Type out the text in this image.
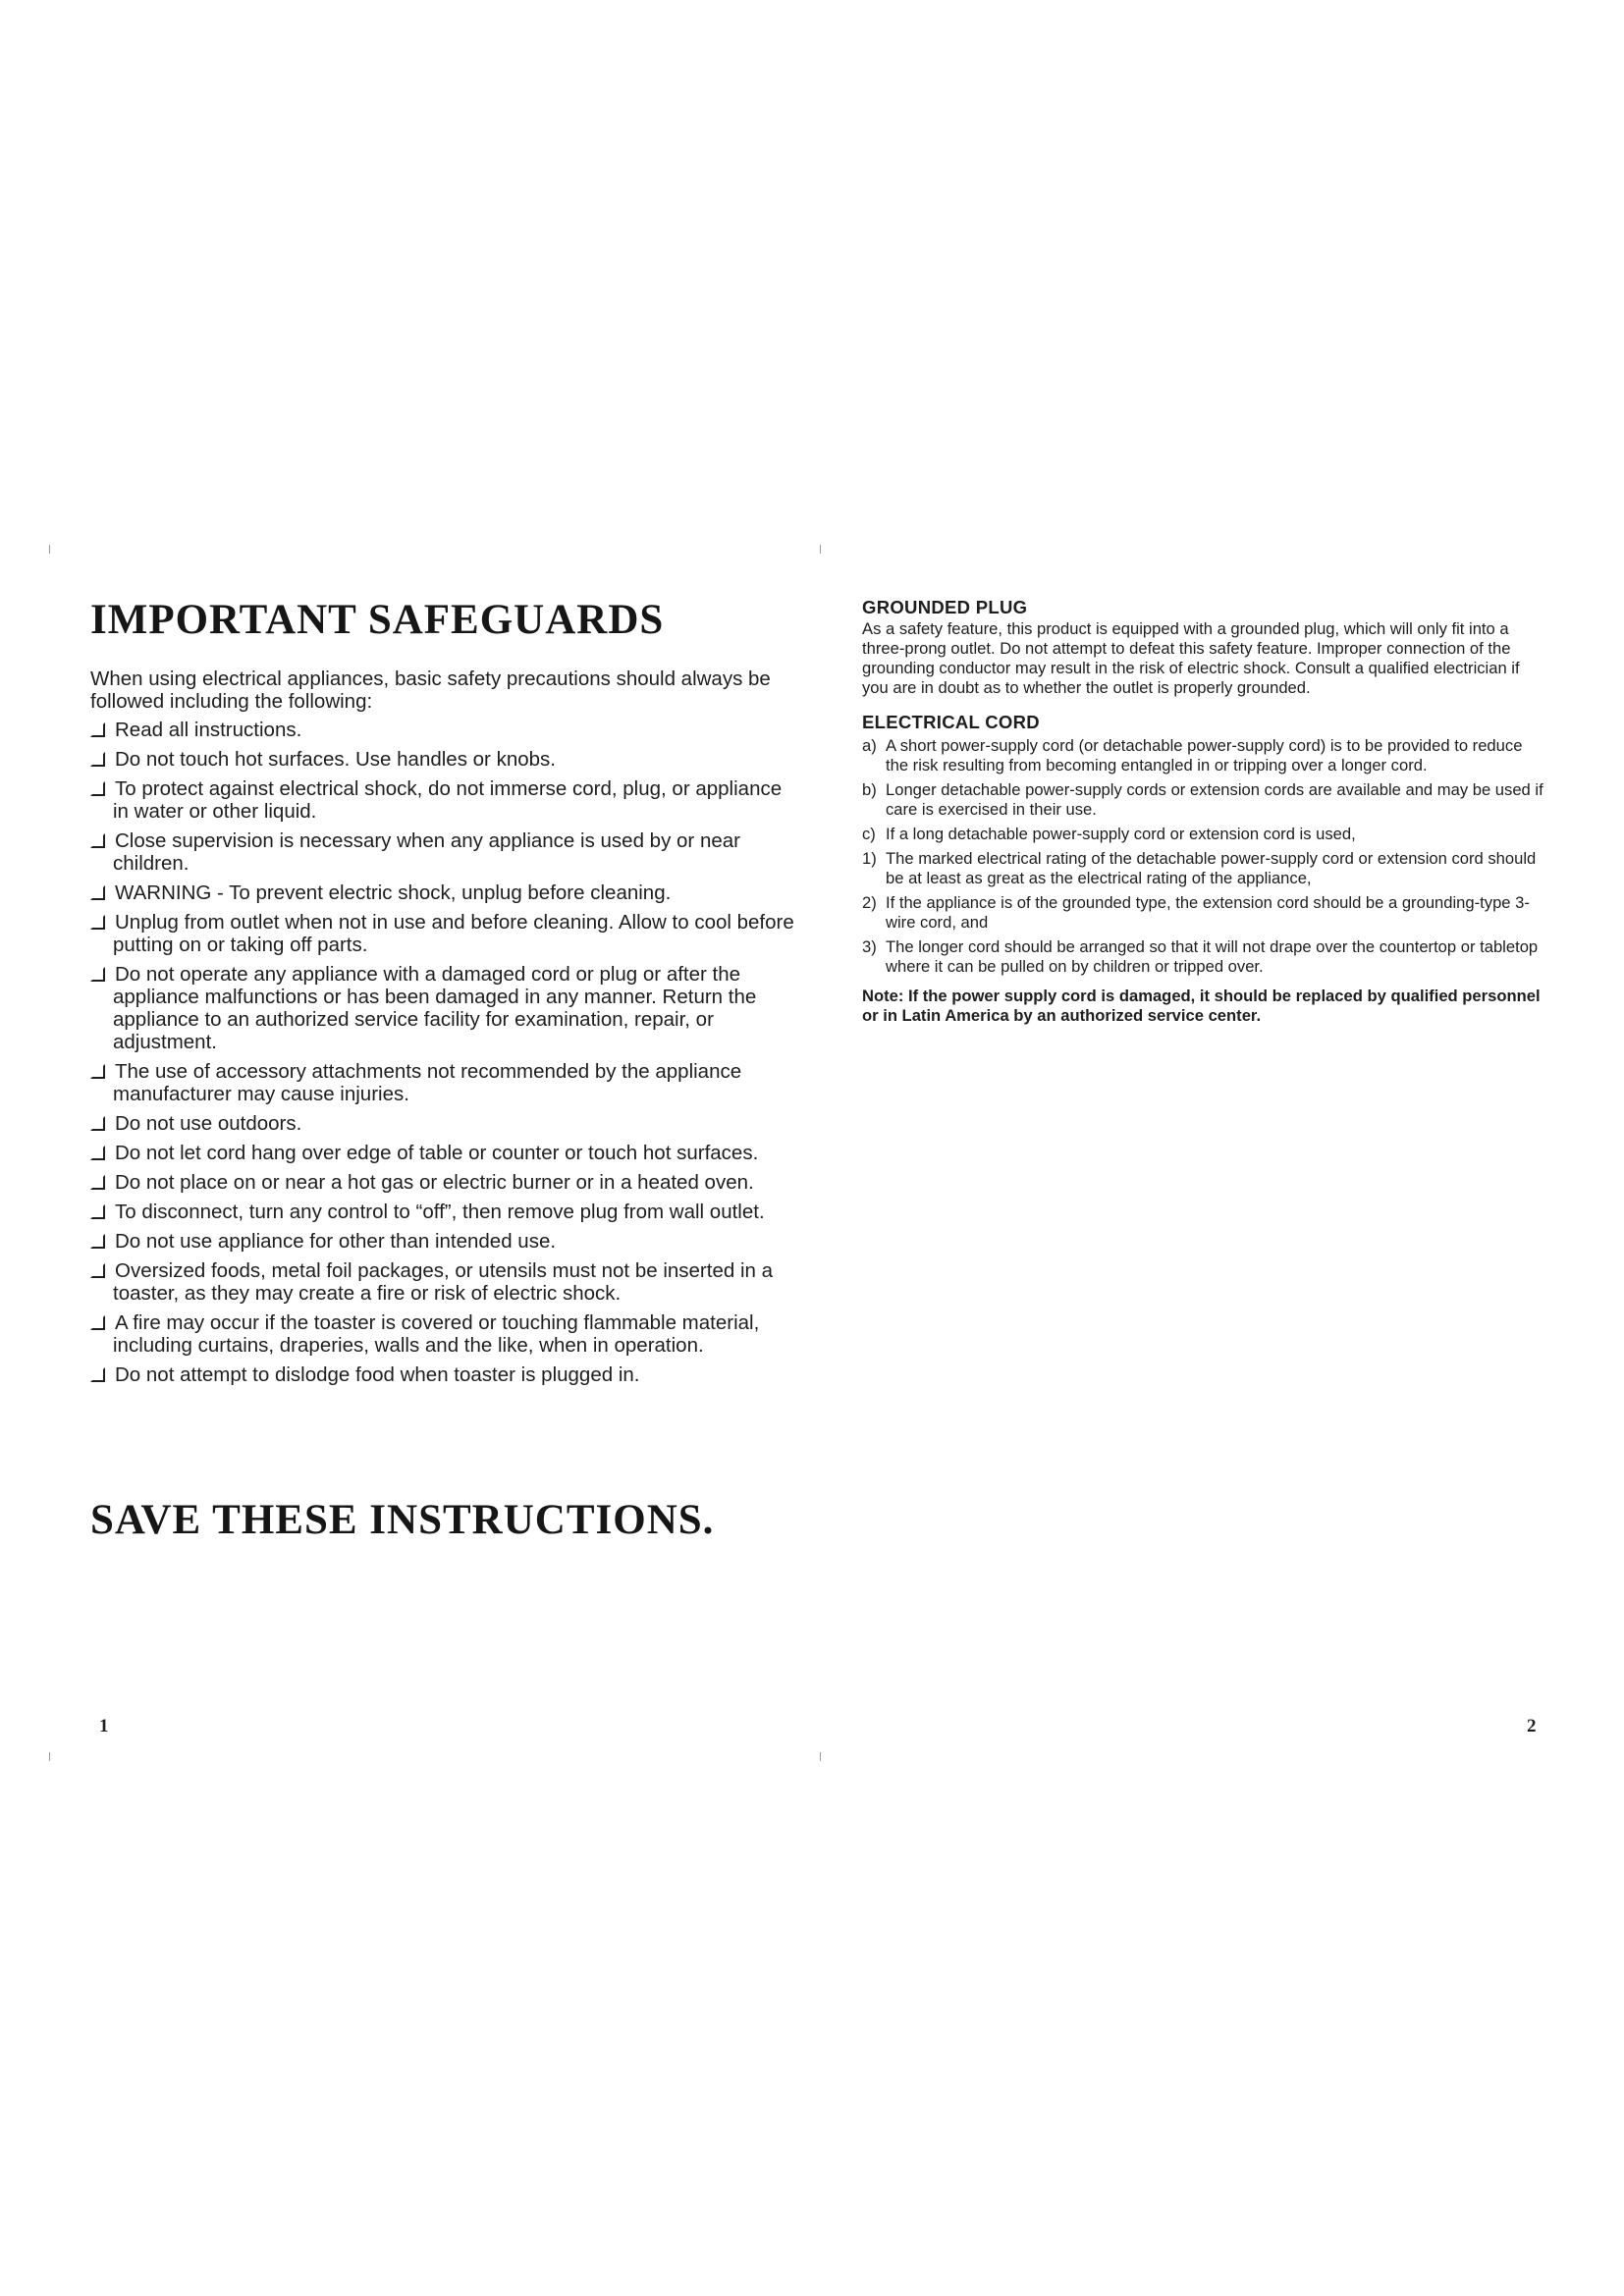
IMPORTANT SAFEGUARDS

When using electrical appliances, basic safety precautions should always be followed including the following:

Read all instructions.
Do not touch hot surfaces. Use handles or knobs.
To protect against electrical shock, do not immerse cord, plug, or appliance in water or other liquid.
Close supervision is necessary when any appliance is used by or near children.
WARNING - To prevent electric shock, unplug before cleaning.
Unplug from outlet when not in use and before cleaning. Allow to cool before putting on or taking off parts.
Do not operate any appliance with a damaged cord or plug or after the appliance malfunctions or has been damaged in any manner. Return the appliance to an authorized service facility for examination, repair, or adjustment.
The use of accessory attachments not recommended by the appliance manufacturer may cause injuries.
Do not use outdoors.
Do not let cord hang over edge of table or counter or touch hot surfaces.
Do not place on or near a hot gas or electric burner or in a heated oven.
To disconnect, turn any control to “off”, then remove plug from wall outlet.
Do not use appliance for other than intended use.
Oversized foods, metal foil packages, or utensils must not be inserted in a toaster, as they may create a fire or risk of electric shock.
A fire may occur if the toaster is covered or touching flammable material, including curtains, draperies, walls and the like, when in operation.
Do not attempt to dislodge food when toaster is plugged in.
SAVE THESE INSTRUCTIONS.
1
GROUNDED PLUG

As a safety feature, this product is equipped with a grounded plug, which will only fit into a three-prong outlet. Do not attempt to defeat this safety feature. Improper connection of the grounding conductor may result in the risk of electric shock. Consult a qualified electrician if you are in doubt as to whether the outlet is properly grounded.

ELECTRICAL CORD
a) A short power-supply cord (or detachable power-supply cord) is to be provided to reduce the risk resulting from becoming entangled in or tripping over a longer cord.
b) Longer detachable power-supply cords or extension cords are available and may be used if care is exercised in their use.
c) If a long detachable power-supply cord or extension cord is used,
1) The marked electrical rating of the detachable power-supply cord or extension cord should be at least as great as the electrical rating of the appliance,
2) If the appliance is of the grounded type, the extension cord should be a grounding-type 3-wire cord, and
3) The longer cord should be arranged so that it will not drape over the countertop or tabletop where it can be pulled on by children or tripped over.

Note: If the power supply cord is damaged, it should be replaced by qualified personnel or in Latin America by an authorized service center.

2
